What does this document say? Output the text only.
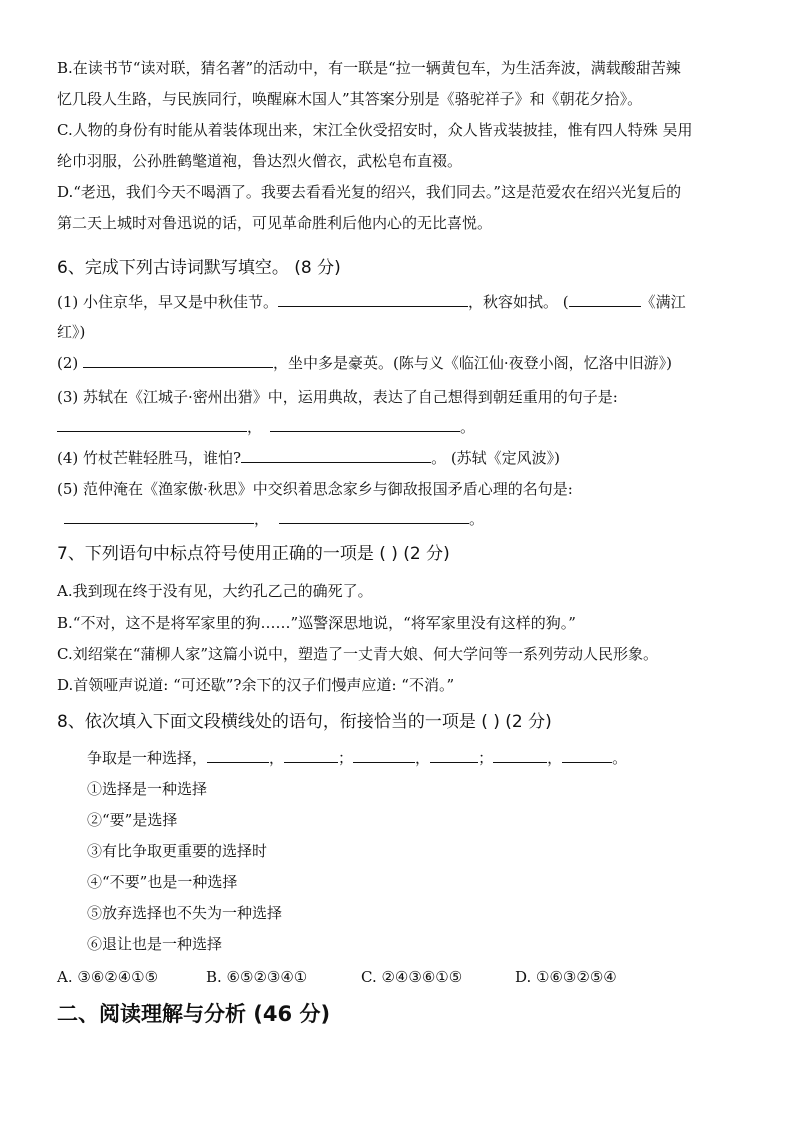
B.在读书节“读对联，猜名著”的活动中，有一联是“拉一辆黄包车，为生活奔波，满载酸甜苦辣
忆几段人生路，与民族同行，唤醒麻木国人”其答案分别是《骆驼祥子》和《朝花夕拾》。
C.人物的身份有时能从着装体现出来，宋江全伙受招安时，众人皆戎装披挂，惟有四人特殊 吴用
纶巾羽服，公孙胜鹤氅道袍，鲁达烈火僧衣，武松皂布直裰。
D.“老迅，我们今天不喝酒了。我要去看看光复的绍兴，我们同去。”这是范爱农在绍兴光复后的
第二天上城时对鲁迅说的话，可见革命胜利后他内心的无比喜悦。
6、完成下列古诗词默写填空。 (8 分)
(1) 小住京华，早又是中秋佳节。	，秋容如拭。 (	《满江
红》)
(2)	，坐中多是豪英。(陈与义《临江仙·夜登小阁，忆洛中旧游》)
(3) 苏轼在《江城子·密州出猎》中，运用典故，表达了自己想得到朝廷重用的句子是:
，	。
(4) 竹杖芒鞋轻胜马，谁怕?	。 (苏轼《定风波》)
(5) 范仲淹在《渔家傲·秋思》中交织着思念家乡与御敌报国矛盾心理的名句是:
，	。
7、下列语句中标点符号使用正确的一项是 ( ) (2 分)
A.我到现在终于没有见，大约孔乙己的确死了。
B.“不对，这不是将军家里的狗……”巡警深思地说，“将军家里没有这样的狗。”
C.刘绍棠在“蒲柳人家”这篇小说中，塑造了一丈青大娘、何大学问等一系列劳动人民形象。
D.首领哑声说道: “可还歇”?余下的汉子们慢声应道: “不消。”
8、依次填入下面文段横线处的语句，衔接恰当的一项是 ( ) (2 分)
争取是一种选择，	，	；	，	；	，	。
①选择是一种选择
②“要”是选择
③有比争取更重要的选择时
④“不要”也是一种选择
⑤放弃选择也不失为一种选择
⑥退让也是一种选择
A. ③⑥②④①⑤	B. ⑥⑤②③④①	C. ②④③⑥①⑤	D. ①⑥③②⑤④
二、阅读理解与分析 (46 分)
